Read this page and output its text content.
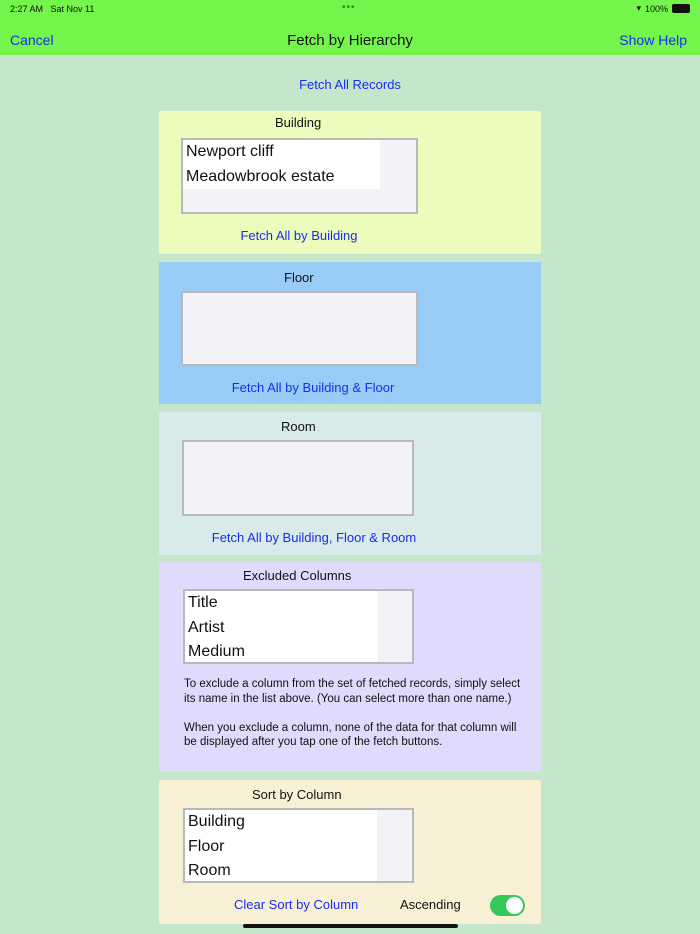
2:27 AM Sat Nov 11	•••	▾ 100%
Cancel	Fetch by Hierarchy	Show Help
Fetch All Records
Building
Newport cliff
Meadowbrook estate
Fetch All by Building
Floor
Fetch All by Building & Floor
Room
Fetch All by Building, Floor & Room
Excluded Columns
Title
Artist
Medium

To exclude a column from the set of fetched records, simply select its name in the list above. (You can select more than one name.)

When you exclude a column, none of the data for that column will be displayed after you tap one of the fetch buttons.

Sort by Column
Building
Floor
Room
Clear Sort by Column	Ascending
